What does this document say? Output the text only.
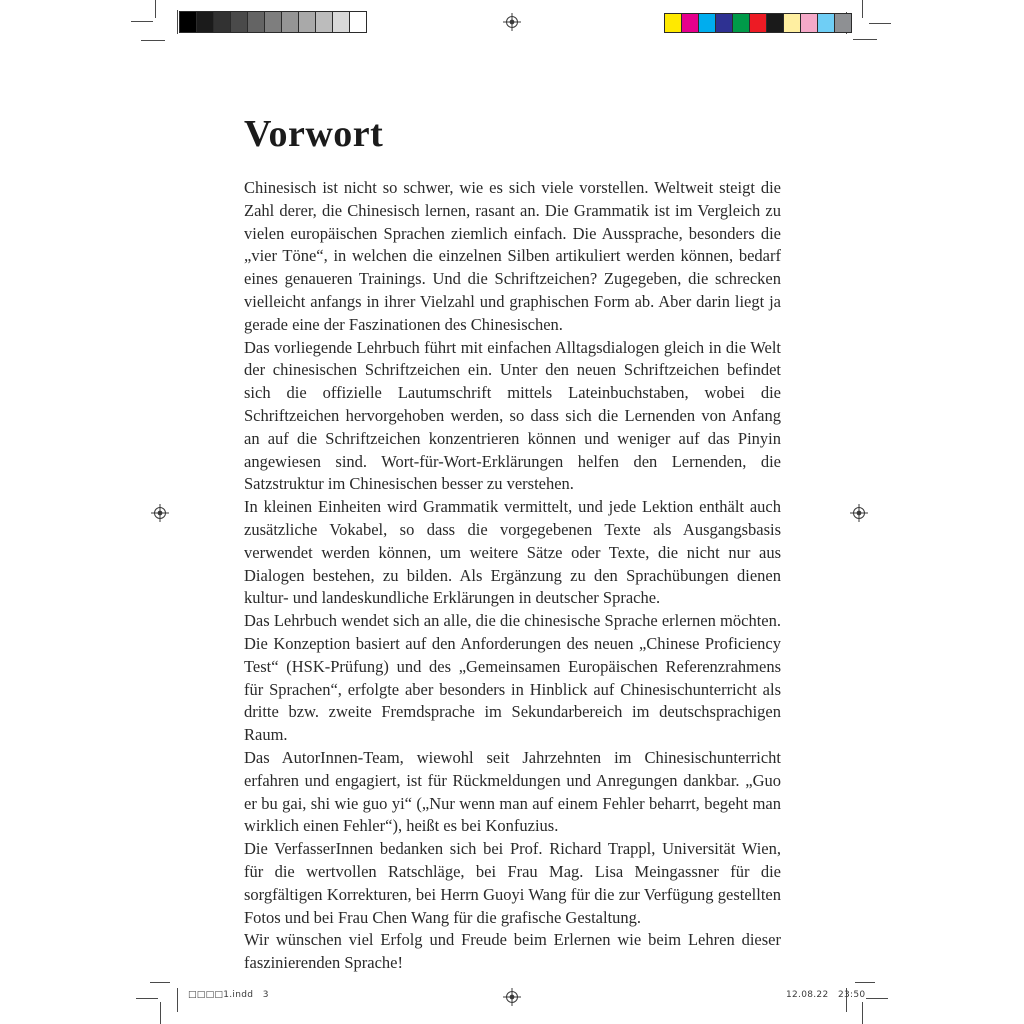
Vorwort

Chinesisch ist nicht so schwer, wie es sich viele vorstellen. Weltweit steigt die Zahl derer, die Chinesisch lernen, rasant an. Die Grammatik ist im Vergleich zu vielen europäischen Sprachen ziemlich einfach. Die Aussprache, besonders die „vier Töne“, in welchen die einzelnen Silben artikuliert werden können, bedarf eines genaueren Trainings. Und die Schriftzeichen? Zugegeben, die schrecken vielleicht anfangs in ihrer Vielzahl und graphischen Form ab. Aber darin liegt ja gerade eine der Faszinationen des Chinesischen.

Das vorliegende Lehrbuch führt mit einfachen Alltagsdialogen gleich in die Welt der chinesischen Schriftzeichen ein. Unter den neuen Schriftzeichen befindet sich die offizielle Lautumschrift mittels Lateinbuchstaben, wobei die Schriftzeichen hervorgehoben werden, so dass sich die Lernenden von Anfang an auf die Schriftzeichen konzentrieren können und weniger auf das Pinyin angewiesen sind. Wort-für-Wort-Erklärungen helfen den Lernenden, die Satzstruktur im Chinesischen besser zu verstehen.

In kleinen Einheiten wird Grammatik vermittelt, und jede Lektion enthält auch zusätzliche Vokabel, so dass die vorgegebenen Texte als Ausgangsbasis verwendet werden können, um weitere Sätze oder Texte, die nicht nur aus Dialogen bestehen, zu bilden. Als Ergänzung zu den Sprachübungen dienen kultur- und landeskundliche Erklärungen in deutscher Sprache.

Das Lehrbuch wendet sich an alle, die die chinesische Sprache erlernen möchten. Die Konzeption basiert auf den Anforderungen des neuen „Chinese Proficiency Test“ (HSK-Prüfung) und des „Gemeinsamen Europäischen Referenzrahmens für Sprachen“, erfolgte aber besonders in Hinblick auf Chinesischunterricht als dritte bzw. zweite Fremdsprache im Sekundarbereich im deutschsprachigen Raum.

Das AutorInnen-Team, wiewohl seit Jahrzehnten im Chinesischunterricht erfahren und engagiert, ist für Rückmeldungen und Anregungen dankbar. „Guo er bu gai, shi wie guo yi“ („Nur wenn man auf einem Fehler beharrt, begeht man wirklich einen Fehler“), heißt es bei Konfuzius.

Die VerfasserInnen bedanken sich bei Prof. Richard Trappl, Universität Wien, für die wertvollen Ratschläge, bei Frau Mag. Lisa Meingassner für die sorgfältigen Korrekturen, bei Herrn Guoyi Wang für die zur Verfügung gestellten Fotos und bei Frau Chen Wang für die grafische Gestaltung.

Wir wünschen viel Erfolg und Freude beim Erlernen wie beim Lehren dieser faszinierenden Sprache!

□□□□1.indd   3	12.08.22   23:50
